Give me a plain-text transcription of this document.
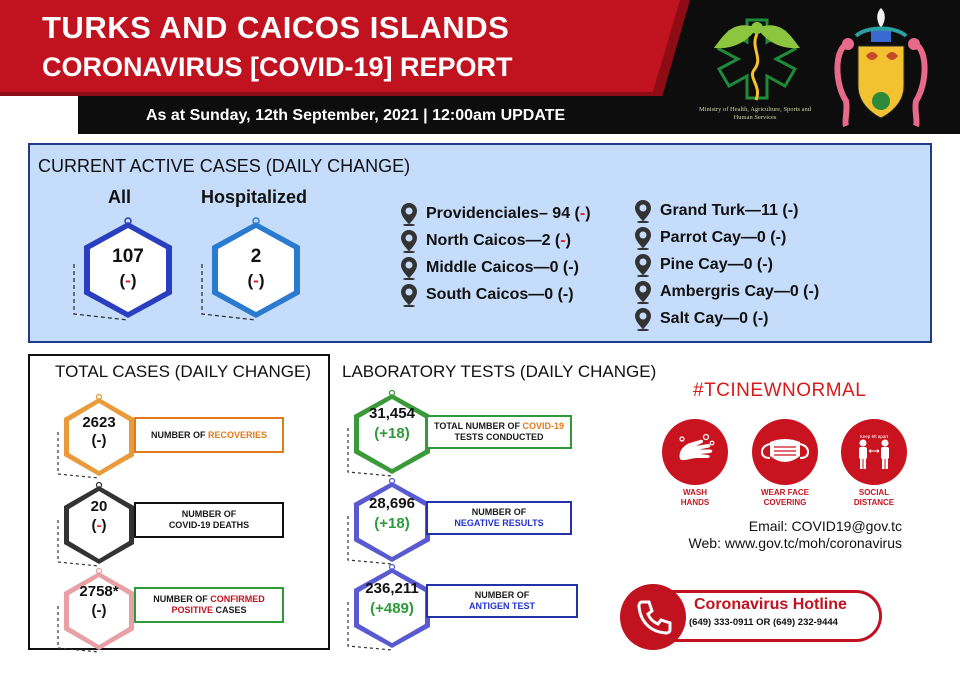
TURKS AND CAICOS ISLANDS
CORONAVIRUS [COVID-19] REPORT
As at Sunday, 12th September, 2021 | 12:00am UPDATE	Ministry of Health, Agriculture, Sports and Human Services
CURRENT ACTIVE CASES (DAILY CHANGE)
All	Hospitalized
107
(-)
2
(-)
Providenciales– 94 ( - )
North Caicos—2 ( - )
Middle Caicos—0 ( - )
South Caicos—0 ( - )
Grand Turk—11 ( - )
Parrot Cay—0 ( - )
Pine Cay—0 ( - )
Ambergris Cay—0 ( - )
Salt Cay—0 ( - )
TOTAL CASES (DAILY CHANGE)
2623
(-)	NUMBER OF RECOVERIES
20
(-)
NUMBER OF
COVID-19 DEATHS
2758*
(-)
NUMBER OF CONFIRMED
POSITIVE CASES
LABORATORY TESTS (DAILY CHANGE)
31,454
(+18)	TOTAL NUMBER OF COVID-19
TESTS CONDUCTED
28,696
(+18)
NUMBER OF
NEGATIVE RESULTS
236,211
(+489)
NUMBER OF
ANTIGEN TEST
#TCINEWNORMAL
WASH
HANDS
WEAR FACE
COVERING
Keep 6ft apart
SOCIAL
DISTANCE
Email: COVID19@gov.tc
Web: www.gov.tc/moh/coronavirus
Coronavirus Hotline
(649) 333-0911 OR (649) 232-9444
